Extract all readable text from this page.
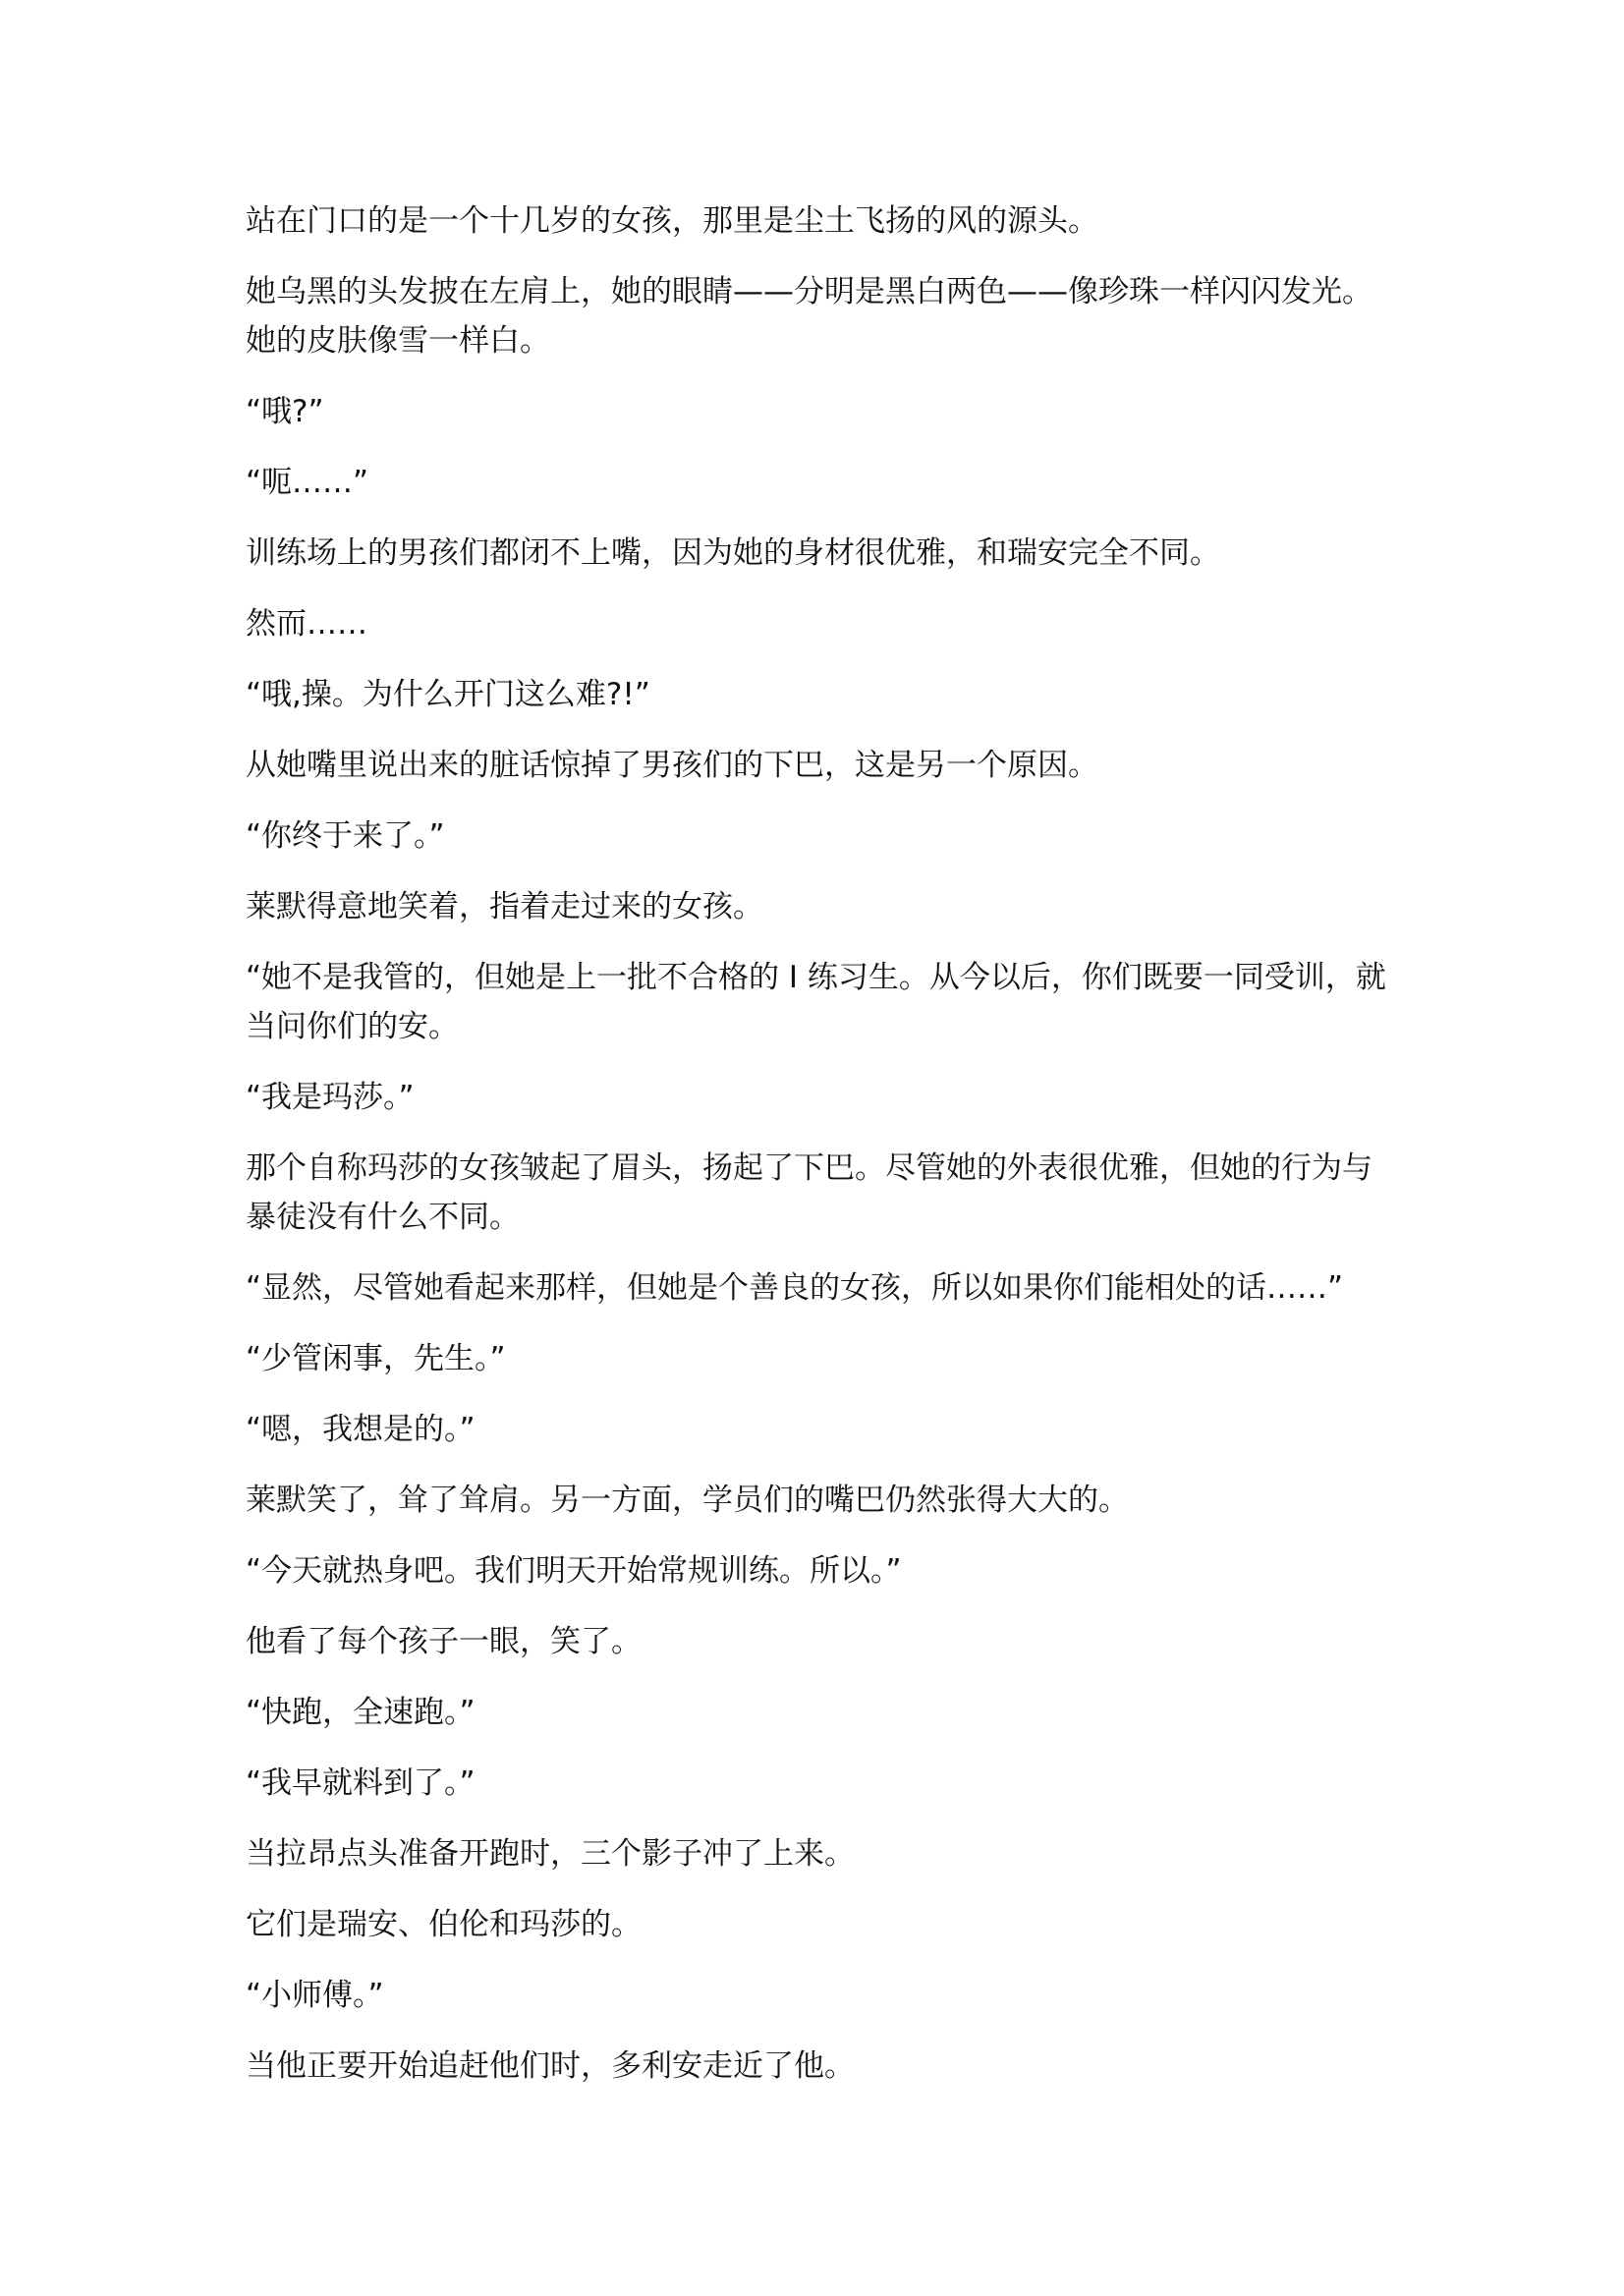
站在门口的是一个十几岁的女孩，那里是尘土飞扬的风的源头。

她乌黑的头发披在左肩上，她的眼睛——分明是黑白两色——像珍珠一样闪闪发光。她的皮肤像雪一样白。

“哦?”

“呃……”

训练场上的男孩们都闭不上嘴，因为她的身材很优雅，和瑞安完全不同。

然而……

“哦,操。为什么开门这么难?!”

从她嘴里说出来的脏话惊掉了男孩们的下巴，这是另一个原因。

“你终于来了。”

莱默得意地笑着，指着走过来的女孩。

“她不是我管的，但她是上一批不合格的 I 练习生。从今以后，你们既要一同受训，就当问你们的安。

“我是玛莎。”

那个自称玛莎的女孩皱起了眉头，扬起了下巴。尽管她的外表很优雅，但她的行为与暴徒没有什么不同。

“显然，尽管她看起来那样，但她是个善良的女孩，所以如果你们能相处的话……”

“少管闲事，先生。”

“嗯，我想是的。”

莱默笑了，耸了耸肩。另一方面，学员们的嘴巴仍然张得大大的。

“今天就热身吧。我们明天开始常规训练。所以。”

他看了每个孩子一眼，笑了。

“快跑，全速跑。”

“我早就料到了。”

当拉昂点头准备开跑时，三个影子冲了上来。

它们是瑞安、伯伦和玛莎的。

“小师傅。”

当他正要开始追赶他们时，多利安走近了他。
